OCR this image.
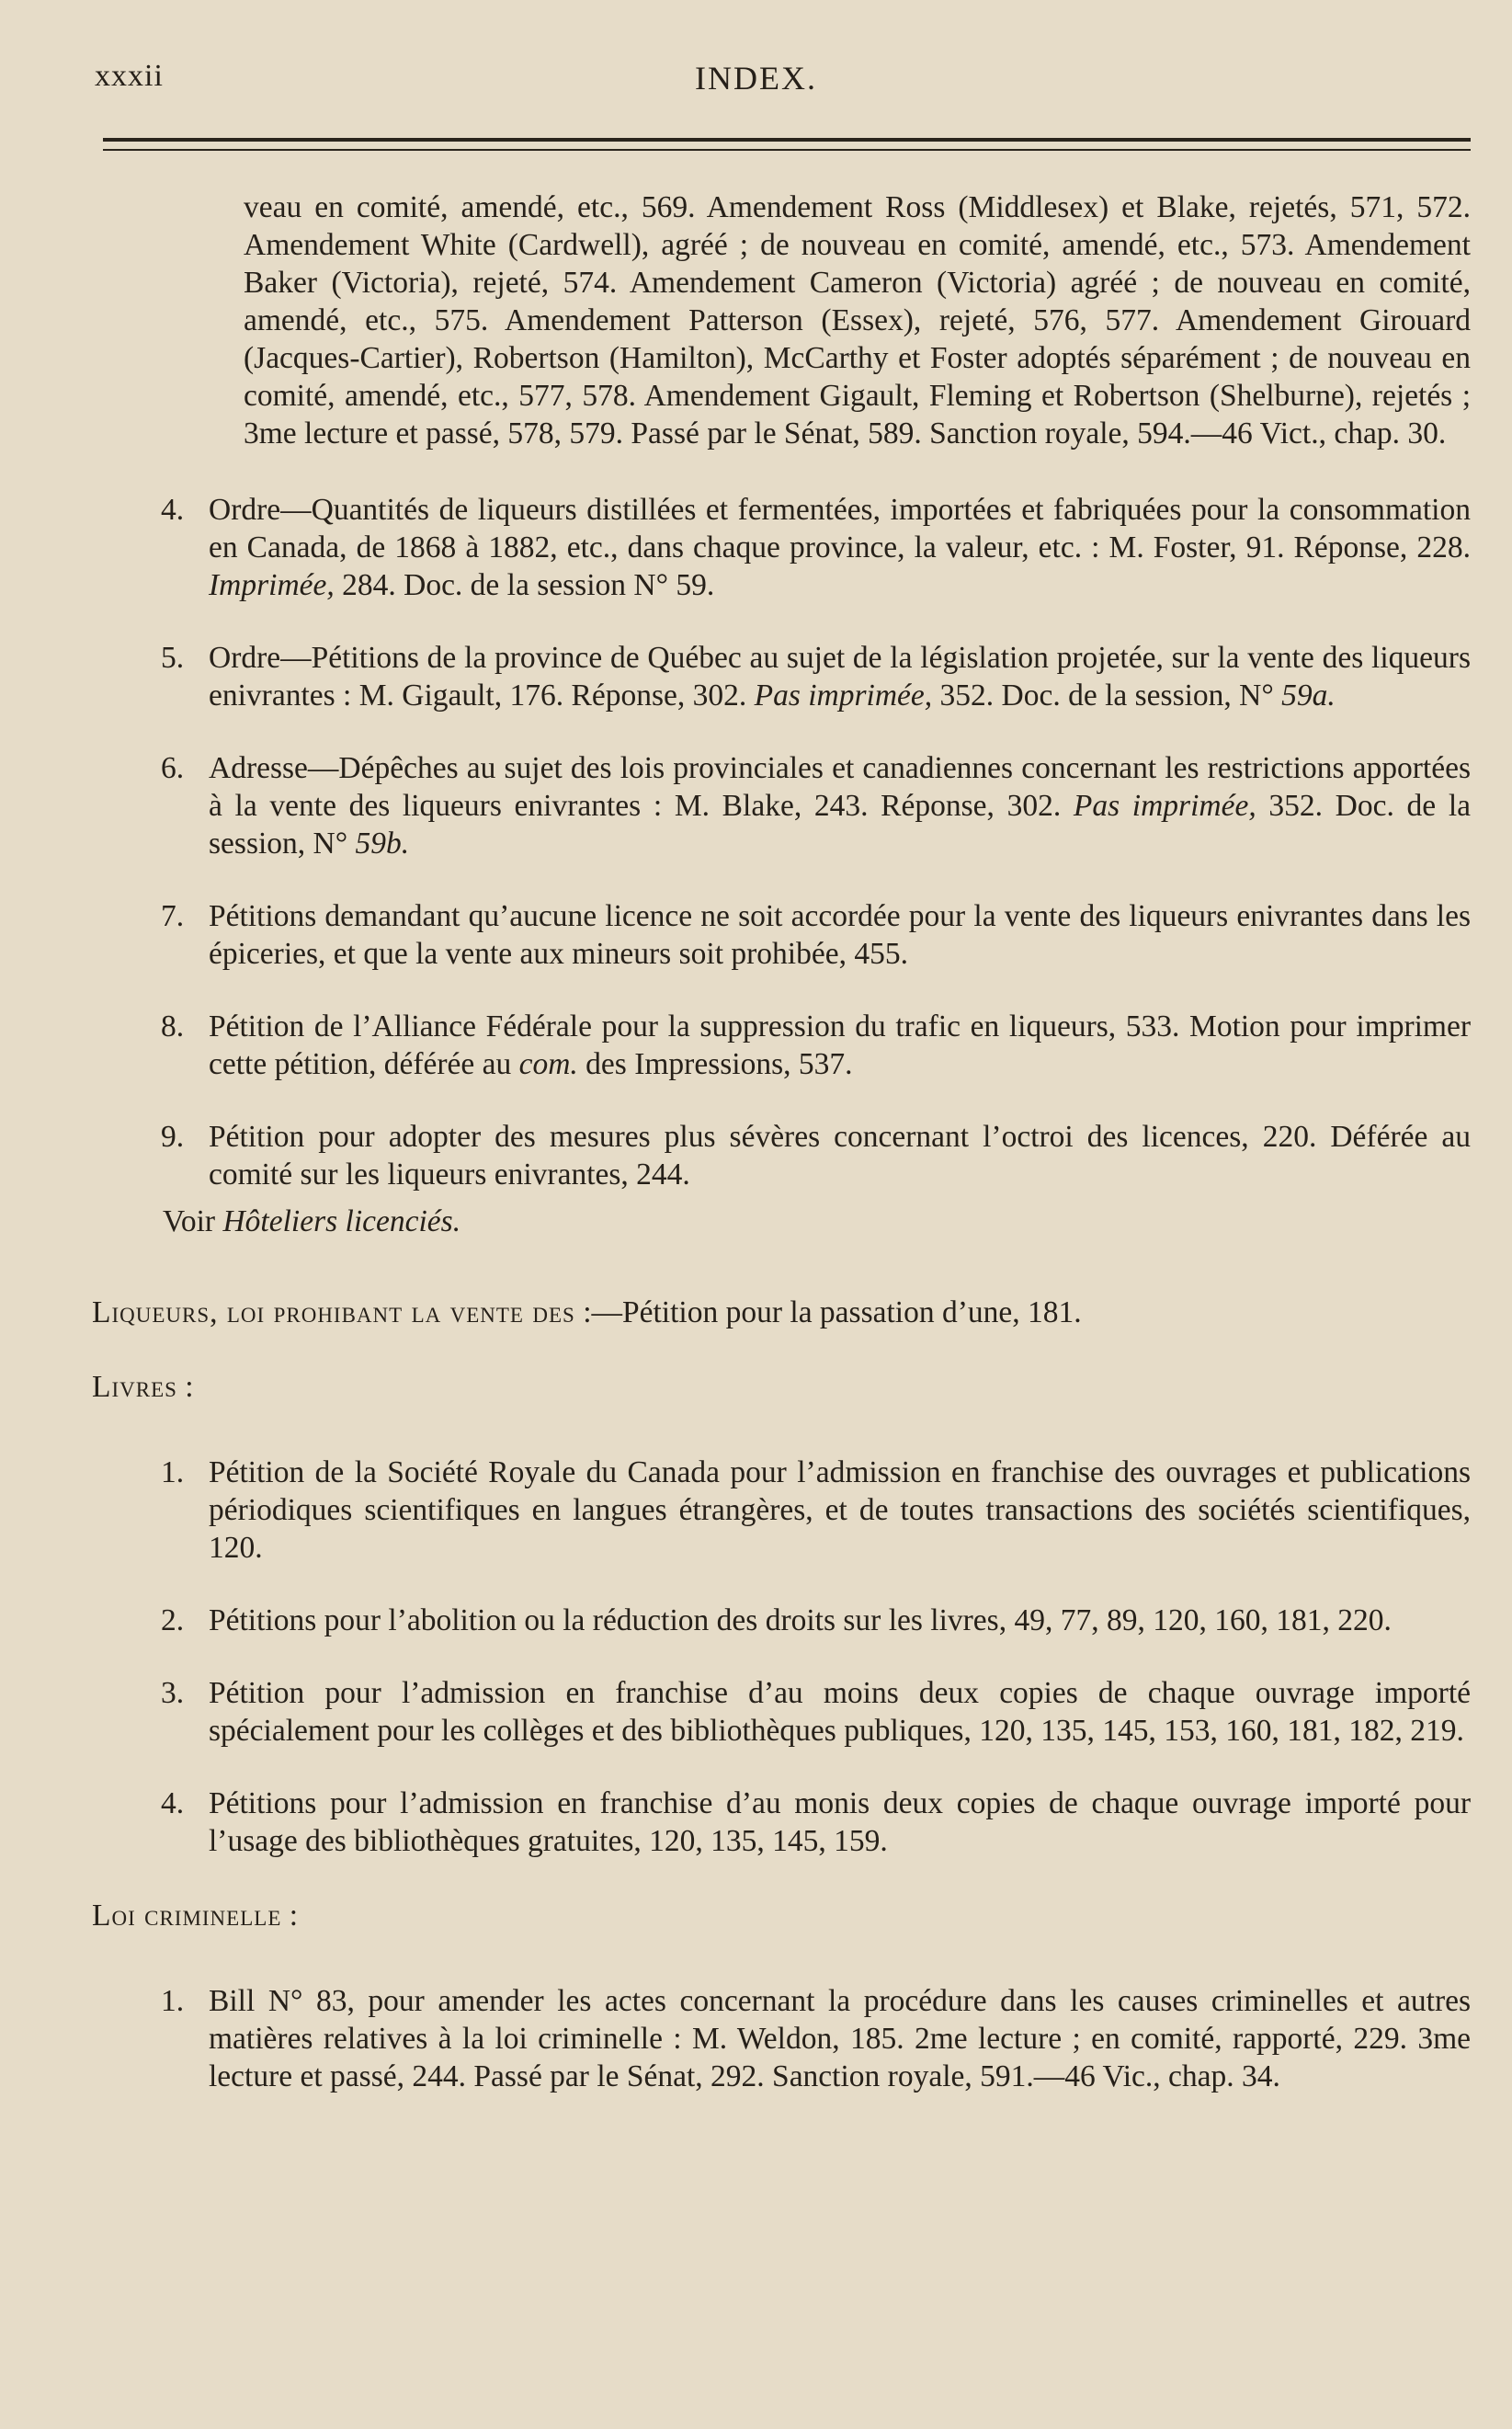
xxxii	INDEX.

veau en comité, amendé, etc., 569. Amendement Ross (Middlesex) et Blake, rejetés, 571, 572. Amendement White (Cardwell), agréé ; de nouveau en comité, amendé, etc., 573. Amendement Baker (Victoria), rejeté, 574. Amendement Cameron (Victoria) agréé ; de nouveau en comité, amendé, etc., 575. Amendement Patterson (Essex), rejeté, 576, 577. Amendement Girouard (Jacques-Cartier), Robertson (Hamilton), McCarthy et Foster adoptés séparément ; de nouveau en comité, amendé, etc., 577, 578. Amendement Gigault, Fleming et Robertson (Shelburne), rejetés ; 3me lecture et passé, 578, 579. Passé par le Sénat, 589. Sanction royale, 594.—46 Vict., chap. 30.

4. Ordre—Quantités de liqueurs distillées et fermentées, importées et fabriquées pour la consommation en Canada, de 1868 à 1882, etc., dans chaque province, la valeur, etc. : M. Foster, 91. Réponse, 228. Imprimée, 284. Doc. de la session N° 59.
5. Ordre—Pétitions de la province de Québec au sujet de la législation projetée, sur la vente des liqueurs enivrantes : M. Gigault, 176. Réponse, 302. Pas imprimée, 352. Doc. de la session, N° 59a.
6. Adresse—Dépêches au sujet des lois provinciales et canadiennes concernant les restrictions apportées à la vente des liqueurs enivrantes : M. Blake, 243. Réponse, 302. Pas imprimée, 352. Doc. de la session, N° 59b.
7. Pétitions demandant qu’aucune licence ne soit accordée pour la vente des liqueurs enivrantes dans les épiceries, et que la vente aux mineurs soit prohibée, 455.
8. Pétition de l’Alliance Fédérale pour la suppression du trafic en liqueurs, 533. Motion pour imprimer cette pétition, déférée au com. des Impressions, 537.
9. Pétition pour adopter des mesures plus sévères concernant l’octroi des licences, 220. Déférée au comité sur les liqueurs enivrantes, 244.

Voir Hôteliers licenciés.

Liqueurs, loi prohibant la vente des :—Pétition pour la passation d’une, 181.

Livres :

1. Pétition de la Société Royale du Canada pour l’admission en franchise des ouvrages et publications périodiques scientifiques en langues étrangères, et de toutes transactions des sociétés scientifiques, 120.
2. Pétitions pour l’abolition ou la réduction des droits sur les livres, 49, 77, 89, 120, 160, 181, 220.
3. Pétition pour l’admission en franchise d’au moins deux copies de chaque ouvrage importé spécialement pour les collèges et des bibliothèques publiques, 120, 135, 145, 153, 160, 181, 182, 219.
4. Pétitions pour l’admission en franchise d’au monis deux copies de chaque ouvrage importé pour l’usage des bibliothèques gratuites, 120, 135, 145, 159.

Loi criminelle :

1. Bill N° 83, pour amender les actes concernant la procédure dans les causes criminelles et autres matières relatives à la loi criminelle : M. Weldon, 185. 2me lecture ; en comité, rapporté, 229. 3me lecture et passé, 244. Passé par le Sénat, 292. Sanction royale, 591.—46 Vic., chap. 34.
